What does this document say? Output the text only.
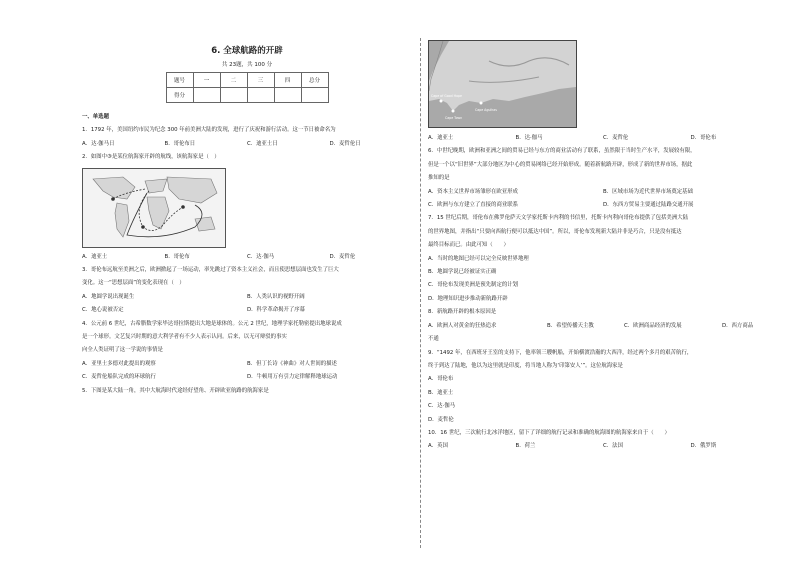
6. 全球航路的开辟
共 23题，共 100 分
题号	一	二	三	四	总分
得分					
一、单选题
1．1792 年，美国纽约市民为纪念 300 年前美洲大陆的发现，进行了庆祝和游行活动。这一节日被命名为
A．达·伽马日	B．哥伦布日	C．迪亚士日	D．麦哲伦日
2．如图中③是某位航海家开辟的航线，该航海家是（　）
A．迪亚士	B．哥伦布	C．达·伽马	D．麦哲伦
3．哥伦布远航至美洲之后，欧洲掀起了一场运动，率先跳过了资本主义社会，而且使思想层面也发生了巨大
变化。这一“思想层面”的变化表现在（　）
A．地圆学说出现诞生	B．人类认识的视野开阔
C．地心说被否定	D．科学革命揭开了序幕
4．公元前 6 世纪，古希腊数学家毕达哥拉斯提出大地是球体的。公元 2 世纪，地理学家托勒密提出地球说成
是一个球形。文艺复兴时期的意大利学者有不少人表示认同。后来，以无可辩驳的事实
向全人类证明了这一学说的事情是
A．亚里士多德对此提出的观察	B．但丁长诗《神曲》对人世间的描述
C．麦哲伦船队完成的环球航行	D．牛顿用万有引力定律解释地球运动
5．下图是某大陆一角，其中大航海时代途经好望角、开辟欧亚航路的航海家是
Cape of Good Hope
Cape Town
Cape Agulhas
A．迪亚士	B．达·伽马	C．麦哲伦	D．哥伦布
6．中世纪晚期，欧洲和亚洲之间的贸易已经与东方的商业活动有了联系，虽然限于当时生产水平，发展较有限，
但是一个以“旧世界”大部分地区为中心的贸易网络已经开始形成。随着新航路开辟，形成了新的世界市场，据此
推知的是
A．资本主义世界市场雏形在欧亚形成	B．区域市场为近代世界市场奠定基础
C．欧洲与东方建立了直接的商业联系	D．东西方贸易主要通过陆路交通开展
7．15 世纪后期，哥伦布在佛罗伦萨天文学家托斯卡内利的书信里，托斯卡内利向哥伦布提供了包括美洲大陆
的世界地图，并指出“只要向西航行便可以抵达中国”。所以，哥伦布发现新大陆并非是巧合，只是没有抵达
最终目标而已。由此可知（　　）
A．当时的地图已经可以完全反映世界地理
B．地圆学说已经被证实正确
C．哥伦布发现美洲是预先制定的计划
D．地理知识进步推动新航路开辟
8．新航路开辟的根本原因是
A．欧洲人对黄金的狂热追求	B．希望传播天主教	C．欧洲商品经济的发展	D．西方商品
不通
9．“1492 年，在西班牙王室的支持下，他率领三艘帆船，开始横渡浩瀚的大西洋，经过两个多月的艰苦航行，
终于到达了陆地，他以为这里就是印度，将当地人称为‘印第安人’”。这位航海家是
A．哥伦布
B．迪亚士
C．达·伽马
D．麦哲伦
10．16 世纪，三次航行北冰洋地区，留下了详细的航行记录和准确的航海图的航海家来自于（　　）
A．英国	B．荷兰	C．法国	D．俄罗斯
